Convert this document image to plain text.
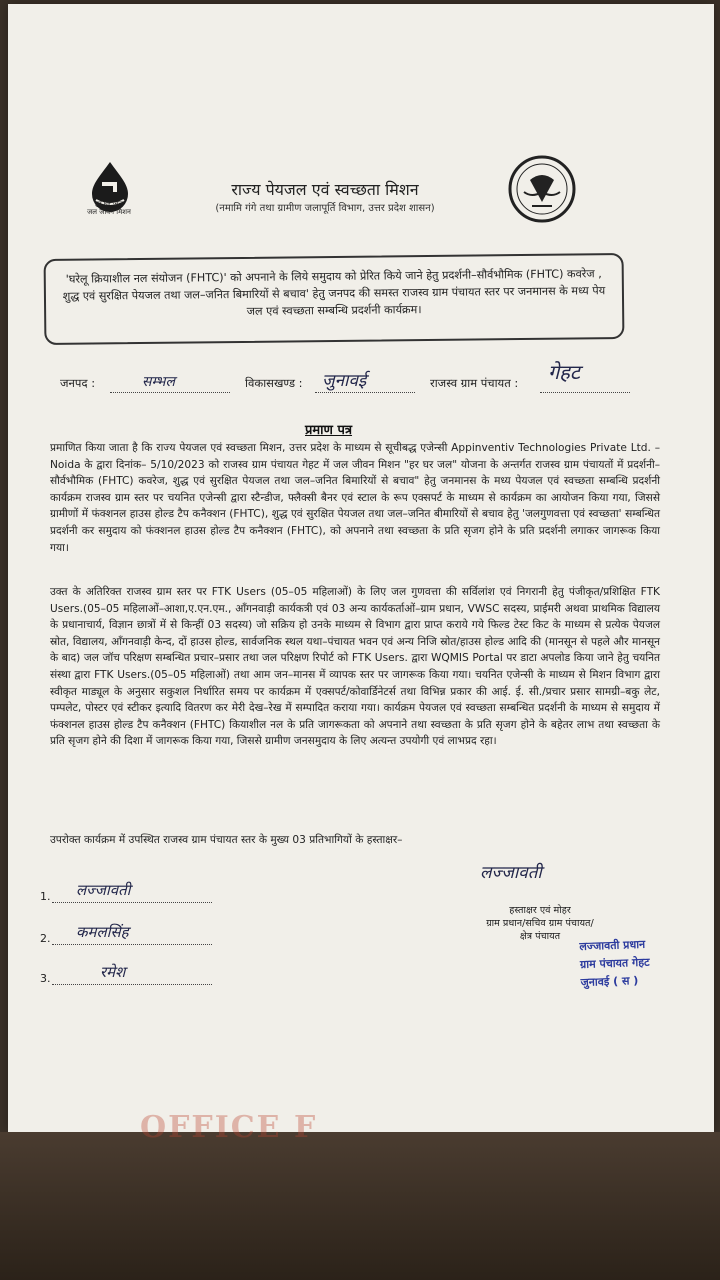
OFFICE F
हर घर जल
जल जीवन मिशन
राज्य पेयजल एवं स्वच्छता मिशन
(नमामि गंगे तथा ग्रामीण जलापूर्ति विभाग, उत्तर प्रदेश शासन)
'घरेलू क्रियाशील नल संयोजन (FHTC)' को अपनाने के लिये समुदाय को प्रेरित किये जाने हेतु प्रदर्शनी–सौर्वभौमिक (FHTC) कवरेज , शुद्ध एवं सुरक्षित पेयजल तथा जल–जनित बिमारियों से बचाव' हेतु जनपद की समस्त राजस्व ग्राम पंचायत स्तर पर जनमानस के मध्य पेय जल एवं स्वच्छता सम्बन्धि प्रदर्शनी कार्यक्रम।
जनपद :	सम्भल	विकासखण्ड : जुनावई	राजस्व ग्राम पंचायत : गेहट
प्रमाण पत्र
प्रमाणित किया जाता है कि राज्य पेयजल एवं स्वच्छता मिशन, उत्तर प्रदेश के माध्यम से सूचीबद्ध एजेन्सी Appinventiv Technologies Private Ltd. – Noida के द्वारा दिनांक– 5/10/2023 को राजस्व ग्राम पंचायत गेहट में जल जीवन मिशन "हर घर जल" योजना के अन्तर्गत राजस्व ग्राम पंचायतों में प्रदर्शनी–सौर्वभौमिक (FHTC) कवरेज, शुद्ध एवं सुरक्षित पेयजल तथा जल–जनित बिमारियों से बचाव" हेतु जनमानस के मध्य पेयजल एवं स्वच्छता सम्बन्धि प्रदर्शनी कार्यक्रम राजस्व ग्राम स्तर पर चयनित एजेन्सी द्वारा स्टैन्डीज, फ्लैक्सी बैनर एवं स्टाल के रूप एक्सपर्ट के माध्यम से कार्यक्रम का आयोजन किया गया, जिससे ग्रामीणों में फंक्शनल हाउस होल्ड टैप कनैक्शन (FHTC), शुद्ध एवं सुरक्षित पेयजल तथा जल–जनित बीमारियों से बचाव हेतु 'जलगुणवत्ता एवं स्वच्छता' सम्बन्धित प्रदर्शनी कर समुदाय को फंक्शनल हाउस होल्ड टैप कनैक्शन (FHTC), को अपनाने तथा स्वच्छता के प्रति सृजग होने के प्रति प्रदर्शनी लगाकर जागरूक किया गया।
उक्त के अतिरिक्त राजस्व ग्राम स्तर पर FTK Users (05–05 महिलाओं) के लिए जल गुणवत्ता की सर्विलांश एवं निगरानी हेतु पंजीकृत/प्रशिक्षित FTK Users.(05–05 महिलाओं–आशा,ए.एन.एम., ऑंगनवाड़ी कार्यकत्री एवं 03 अन्य कार्यकर्ताओं–ग्राम प्रधान, VWSC सदस्य, प्राईमरी अथवा प्राथमिक विद्यालय के प्रधानाचार्य, विज्ञान छात्रों में से किन्हीं 03 सदस्य) जो सक्रिय हो उनके माध्यम से विभाग द्वारा प्राप्त कराये गये फिल्ड टेस्ट किट के माध्यम से प्रत्येक पेयजल स्रोत, विद्यालय, ऑंगनवाड़ी केन्द, दों हाउस होल्ड, सार्वजनिक स्थल यथा–पंचायत भवन एवं अन्य निजि स्रोत/हाउस होल्ड आदि की (मानसून से पहले और मानसून के बाद) जल जॉच परिक्षण सम्बन्धित प्रचार–प्रसार तथा जल परिक्षण रिपोर्ट को FTK Users. द्वारा WQMIS Portal पर डाटा अपलोड किया जाने हेतु चयनित संस्था द्वारा FTK Users.(05–05 महिलाओं) तथा आम जन–मानस में व्यापक स्तर पर जागरूक किया गया। चयनित एजेन्सी के माध्यम से मिशन विभाग द्वारा स्वीकृत माड्यूल के अनुसार सकुशल निर्धारित समय पर कार्यक्रम में एक्सपर्ट/कोवार्डिनेटर्स तथा विभिन्न प्रकार की आई. ई. सी./प्रचार प्रसार सामग्री–बकु लेट, पम्पलेट, पोस्टर एवं स्टीकर इत्यादि वितरण कर मेरी देख–रेख में सम्पादित कराया गया। कार्यक्रम पेयजल एवं स्वच्छता सम्बन्धित प्रदर्शनी के माध्यम से समुदाय में फंक्शनल हाउस होल्ड टैप कनैक्शन (FHTC) कियाशील नल के प्रति जागरूकता को अपनाने तथा स्वच्छता के प्रति सृजग होने के बहेतर लाभ तथा स्वच्छता के प्रति सृजग होने की दिशा में जागरूक किया गया, जिससे ग्रामीण जनसमुदाय के लिए अत्यन्त उपयोगी एवं लाभप्रद रहा।
उपरोक्त कार्यक्रम में उपस्थित राजस्व ग्राम पंचायत स्तर के मुख्य 03 प्रतिभागियों के हस्ताक्षर–
1. लज्जावती
2. कमलसिंह
3.	रमेश
लज्जावती
हस्ताक्षर एवं मोहर
ग्राम प्रधान/सचिव ग्राम पंचायत/
क्षेत्र पंचायत
लज्जावती प्रधान
ग्राम पंचायत गेहट
जुनावई ( स )
